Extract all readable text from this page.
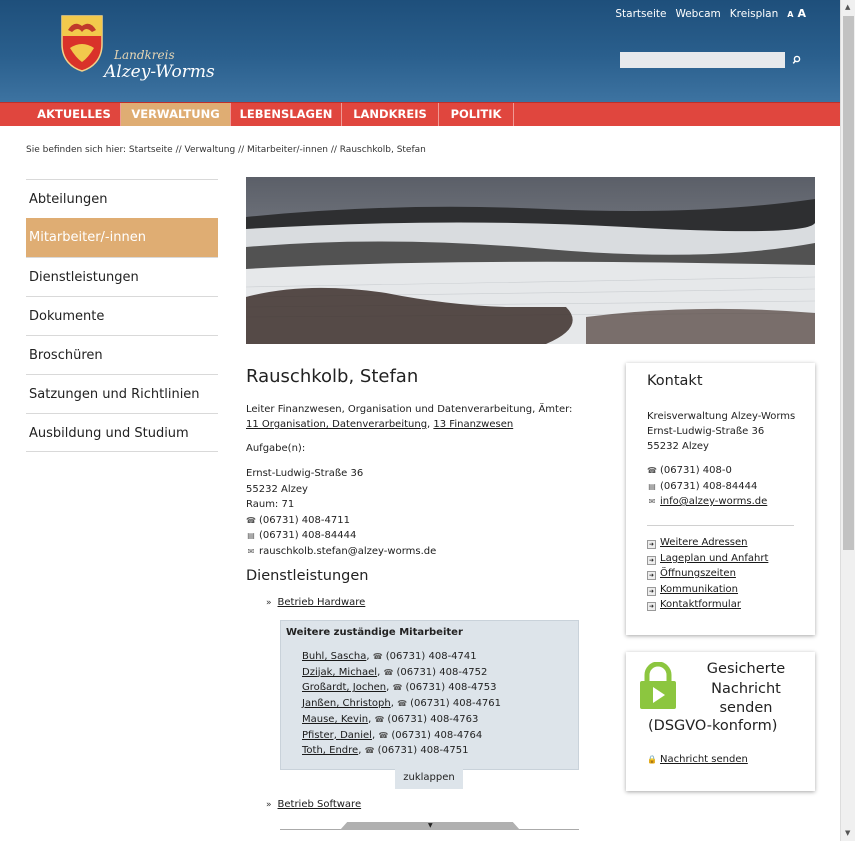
Landkreis
Alzey-Worms
Startseite Webcam Kreisplan A A
AKTUELLES	VERWALTUNG	LEBENSLAGEN	LANDKREIS	POLITIK
Sie befinden sich hier: Startseite // Verwaltung // Mitarbeiter/-innen // Rauschkolb, Stefan
Abteilungen
Mitarbeiter/-innen
Dienstleistungen
Dokumente
Broschüren
Satzungen und Richtlinien
Ausbildung und Studium
Rauschkolb, Stefan
Leiter Finanzwesen, Organisation und Datenverarbeitung, Ämter: 11 Organisation, Datenverarbeitung, 13 Finanzwesen
Aufgabe(n):
Ernst-Ludwig-Straße 36
55232 Alzey
Raum: 71
☎ (06731) 408-4711
▤ (06731) 408-84444
✉ rauschkolb.stefan@alzey-worms.de
Dienstleistungen
» Betrieb Hardware
Weitere zuständige Mitarbeiter
Buhl, Sascha, ☎ (06731) 408-4741
Dzijak, Michael, ☎ (06731) 408-4752
Großardt, Jochen, ☎ (06731) 408-4753
Janßen, Christoph, ☎ (06731) 408-4761
Mause, Kevin, ☎ (06731) 408-4763
Pfister, Daniel, ☎ (06731) 408-4764
Toth, Endre, ☎ (06731) 408-4751
zuklappen
» Betrieb Software
▼
Kontakt
Kreisverwaltung Alzey-Worms
Ernst-Ludwig-Straße 36
55232 Alzey
☎ (06731) 408-0
▤ (06731) 408-84444
✉ info@alzey-worms.de
➜ Weitere Adressen
➜ Lageplan und Anfahrt
➜ Öffnungszeiten
➜ Kommunikation
➜ Kontaktformular
Gesicherte Nachricht senden
(DSGVO-konform)
🔒 Nachricht senden
▲
▼
